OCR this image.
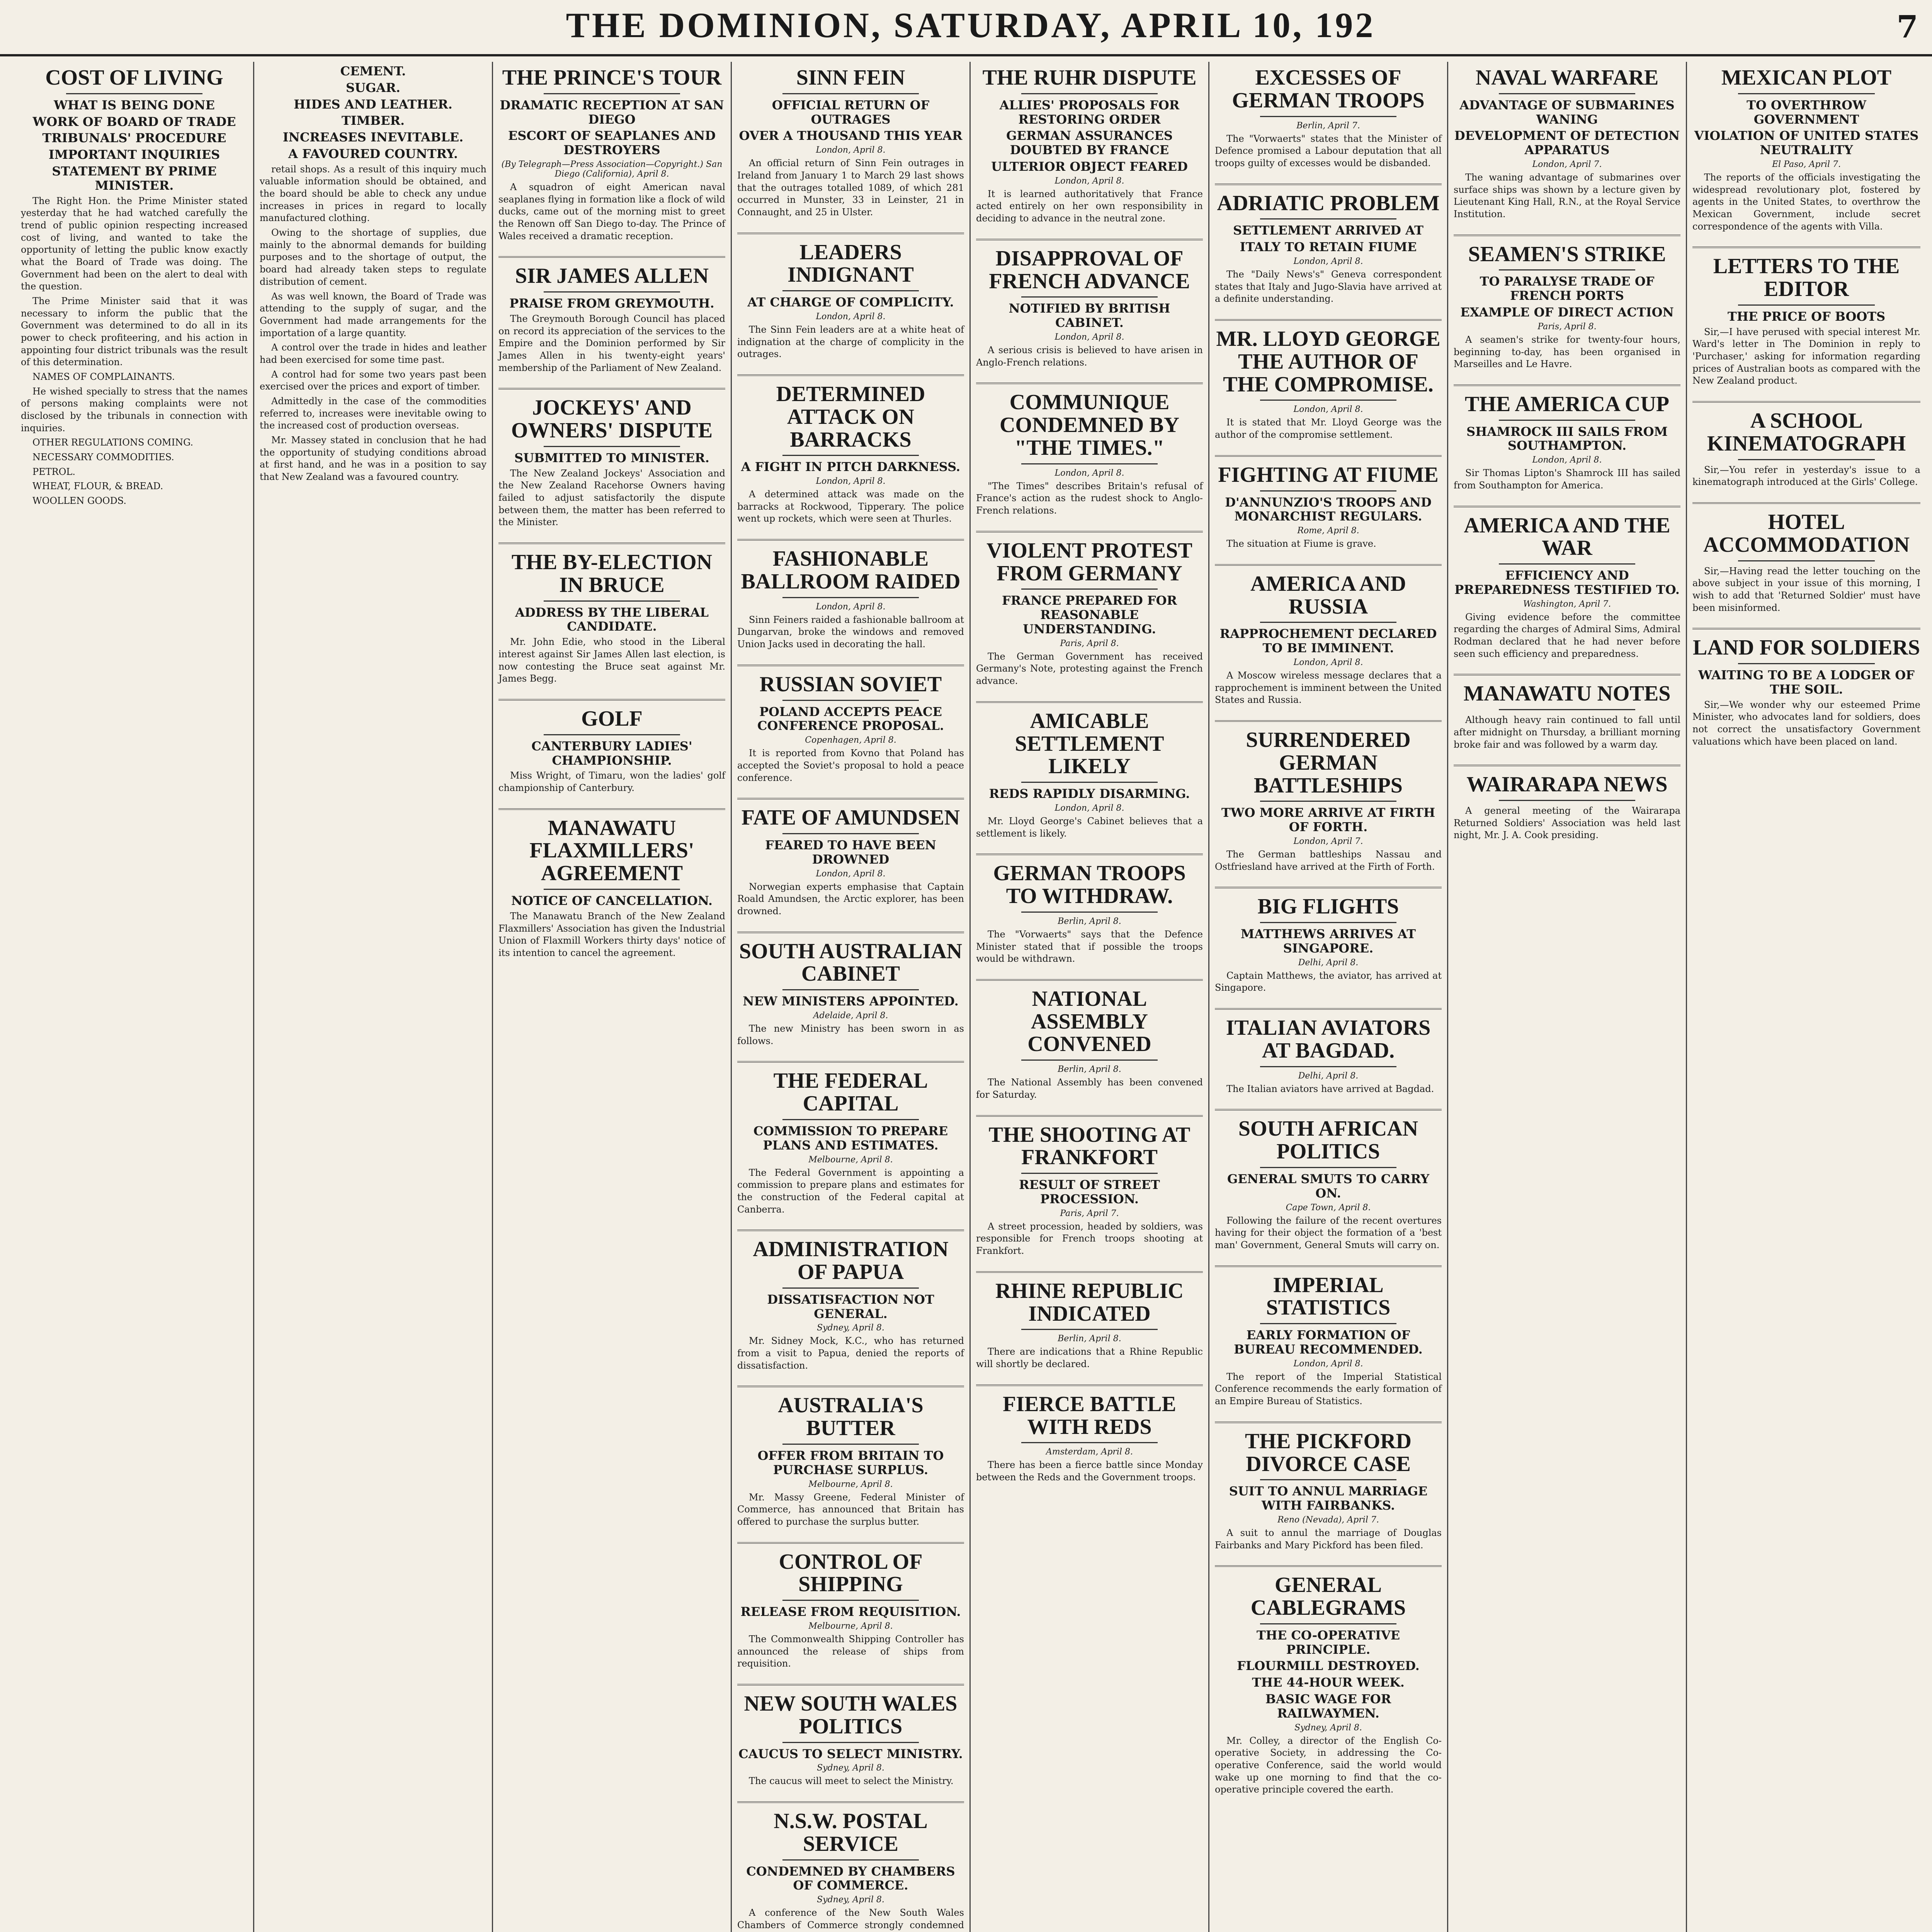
THE DOMINION, SATURDAY, APRIL 10, 192	7
COST OF LIVING
WHAT IS BEING DONE
WORK OF BOARD OF TRADE
TRIBUNALS' PROCEDURE
IMPORTANT INQUIRIES
STATEMENT BY PRIME MINISTER.

The Right Hon. the Prime Minister stated yesterday that he had watched carefully the trend of public opinion respecting increased cost of living, and wanted to take the opportunity of letting the public know exactly what the Board of Trade was doing. The Government had been on the alert to deal with the question.

The Prime Minister said that it was necessary to inform the public that the Government was determined to do all in its power to check profiteering, and his action in appointing four district tribunals was the result of this determination.

NAMES OF COMPLAINANTS.

He wished specially to stress that the names of persons making complaints were not disclosed by the tribunals in connection with inquiries.

OTHER REGULATIONS COMING.

NECESSARY COMMODITIES.

PETROL.

WHEAT, FLOUR, & BREAD.

WOOLLEN GOODS.

CEMENT.
SUGAR.
HIDES AND LEATHER.
TIMBER.
INCREASES INEVITABLE.
A FAVOURED COUNTRY.

retail shops. As a result of this inquiry much valuable information should be obtained, and the board should be able to check any undue increases in prices in regard to locally manufactured clothing.

Owing to the shortage of supplies, due mainly to the abnormal demands for building purposes and to the shortage of output, the board had already taken steps to regulate distribution of cement.

As was well known, the Board of Trade was attending to the supply of sugar, and the Government had made arrangements for the importation of a large quantity.

A control over the trade in hides and leather had been exercised for some time past.

A control had for some two years past been exercised over the prices and export of timber.

Admittedly in the case of the commodities referred to, increases were inevitable owing to the increased cost of production overseas.

Mr. Massey stated in conclusion that he had the opportunity of studying conditions abroad at first hand, and he was in a position to say that New Zealand was a favoured country.

THE PRINCE'S TOUR
DRAMATIC RECEPTION AT SAN DIEGO
ESCORT OF SEAPLANES AND DESTROYERS
(By Telegraph—Press Association—Copyright.) San Diego (California), April 8.

A squadron of eight American naval seaplanes flying in formation like a flock of wild ducks, came out of the morning mist to greet the Renown off San Diego to-day. The Prince of Wales received a dramatic reception.

SIR JAMES ALLEN
PRAISE FROM GREYMOUTH.

The Greymouth Borough Council has placed on record its appreciation of the services to the Empire and the Dominion performed by Sir James Allen in his twenty-eight years' membership of the Parliament of New Zealand.

JOCKEYS' AND OWNERS' DISPUTE
SUBMITTED TO MINISTER.

The New Zealand Jockeys' Association and the New Zealand Racehorse Owners having failed to adjust satisfactorily the dispute between them, the matter has been referred to the Minister.

THE BY-ELECTION IN BRUCE
ADDRESS BY THE LIBERAL CANDIDATE.

Mr. John Edie, who stood in the Liberal interest against Sir James Allen last election, is now contesting the Bruce seat against Mr. James Begg.

GOLF
CANTERBURY LADIES' CHAMPIONSHIP.

Miss Wright, of Timaru, won the ladies' golf championship of Canterbury.

MANAWATU FLAXMILLERS' AGREEMENT
NOTICE OF CANCELLATION.

The Manawatu Branch of the New Zealand Flaxmillers' Association has given the Industrial Union of Flaxmill Workers thirty days' notice of its intention to cancel the agreement.

SINN FEIN
OFFICIAL RETURN OF OUTRAGES
OVER A THOUSAND THIS YEAR
London, April 8.

An official return of Sinn Fein outrages in Ireland from January 1 to March 29 last shows that the outrages totalled 1089, of which 281 occurred in Munster, 33 in Leinster, 21 in Connaught, and 25 in Ulster.

LEADERS INDIGNANT
AT CHARGE OF COMPLICITY.
London, April 8.

The Sinn Fein leaders are at a white heat of indignation at the charge of complicity in the outrages.

DETERMINED ATTACK ON BARRACKS
A FIGHT IN PITCH DARKNESS.
London, April 8.

A determined attack was made on the barracks at Rockwood, Tipperary. The police went up rockets, which were seen at Thurles.

FASHIONABLE BALLROOM RAIDED
London, April 8.

Sinn Feiners raided a fashionable ballroom at Dungarvan, broke the windows and removed Union Jacks used in decorating the hall.

RUSSIAN SOVIET
POLAND ACCEPTS PEACE CONFERENCE PROPOSAL.
Copenhagen, April 8.

It is reported from Kovno that Poland has accepted the Soviet's proposal to hold a peace conference.

FATE OF AMUNDSEN
FEARED TO HAVE BEEN DROWNED
London, April 8.

Norwegian experts emphasise that Captain Roald Amundsen, the Arctic explorer, has been drowned.

SOUTH AUSTRALIAN CABINET
NEW MINISTERS APPOINTED.
Adelaide, April 8.

The new Ministry has been sworn in as follows.

THE FEDERAL CAPITAL
COMMISSION TO PREPARE PLANS AND ESTIMATES.
Melbourne, April 8.

The Federal Government is appointing a commission to prepare plans and estimates for the construction of the Federal capital at Canberra.

ADMINISTRATION OF PAPUA
DISSATISFACTION NOT GENERAL.
Sydney, April 8.

Mr. Sidney Mock, K.C., who has returned from a visit to Papua, denied the reports of dissatisfaction.

AUSTRALIA'S BUTTER
OFFER FROM BRITAIN TO PURCHASE SURPLUS.
Melbourne, April 8.

Mr. Massy Greene, Federal Minister of Commerce, has announced that Britain has offered to purchase the surplus butter.

CONTROL OF SHIPPING
RELEASE FROM REQUISITION.
Melbourne, April 8.

The Commonwealth Shipping Controller has announced the release of ships from requisition.

NEW SOUTH WALES POLITICS
CAUCUS TO SELECT MINISTRY.
Sydney, April 8.

The caucus will meet to select the Ministry.

N.S.W. POSTAL SERVICE
CONDEMNED BY CHAMBERS OF COMMERCE.
Sydney, April 8.

A conference of the New South Wales Chambers of Commerce strongly condemned

THE RUHR DISPUTE
ALLIES' PROPOSALS FOR RESTORING ORDER
GERMAN ASSURANCES DOUBTED BY FRANCE
ULTERIOR OBJECT FEARED
London, April 8.

It is learned authoritatively that France acted entirely on her own responsibility in deciding to advance in the neutral zone.

DISAPPROVAL OF FRENCH ADVANCE
NOTIFIED BY BRITISH CABINET.
London, April 8.

A serious crisis is believed to have arisen in Anglo-French relations.

COMMUNIQUE CONDEMNED BY "THE TIMES."
London, April 8.

"The Times" describes Britain's refusal of France's action as the rudest shock to Anglo-French relations.

VIOLENT PROTEST FROM GERMANY
FRANCE PREPARED FOR REASONABLE UNDERSTANDING.
Paris, April 8.

The German Government has received Germany's Note, protesting against the French advance.

AMICABLE SETTLEMENT LIKELY
REDS RAPIDLY DISARMING.
London, April 8.

Mr. Lloyd George's Cabinet believes that a settlement is likely.

GERMAN TROOPS TO WITHDRAW.
Berlin, April 8.

The "Vorwaerts" says that the Defence Minister stated that if possible the troops would be withdrawn.

NATIONAL ASSEMBLY CONVENED
Berlin, April 8.

The National Assembly has been convened for Saturday.

THE SHOOTING AT FRANKFORT
RESULT OF STREET PROCESSION.
Paris, April 7.

A street procession, headed by soldiers, was responsible for French troops shooting at Frankfort.

RHINE REPUBLIC INDICATED
Berlin, April 8.

There are indications that a Rhine Republic will shortly be declared.

FIERCE BATTLE WITH REDS
Amsterdam, April 8.

There has been a fierce battle since Monday between the Reds and the Government troops.

EXCESSES OF GERMAN TROOPS
Berlin, April 7.

The "Vorwaerts" states that the Minister of Defence promised a Labour deputation that all troops guilty of excesses would be disbanded.

ADRIATIC PROBLEM
SETTLEMENT ARRIVED AT
ITALY TO RETAIN FIUME
London, April 8.

The "Daily News's" Geneva correspondent states that Italy and Jugo-Slavia have arrived at a definite understanding.

MR. LLOYD GEORGE THE AUTHOR OF THE COMPROMISE.
London, April 8.

It is stated that Mr. Lloyd George was the author of the compromise settlement.

FIGHTING AT FIUME
D'ANNUNZIO'S TROOPS AND MONARCHIST REGULARS.
Rome, April 8.

The situation at Fiume is grave.

AMERICA AND RUSSIA
RAPPROCHEMENT DECLARED TO BE IMMINENT.
London, April 8.

A Moscow wireless message declares that a rapprochement is imminent between the United States and Russia.

SURRENDERED GERMAN BATTLESHIPS
TWO MORE ARRIVE AT FIRTH OF FORTH.
London, April 7.

The German battleships Nassau and Ostfriesland have arrived at the Firth of Forth.

BIG FLIGHTS
MATTHEWS ARRIVES AT SINGAPORE.
Delhi, April 8.

Captain Matthews, the aviator, has arrived at Singapore.

ITALIAN AVIATORS AT BAGDAD.
Delhi, April 8.

The Italian aviators have arrived at Bagdad.

SOUTH AFRICAN POLITICS
GENERAL SMUTS TO CARRY ON.
Cape Town, April 8.

Following the failure of the recent overtures having for their object the formation of a 'best man' Government, General Smuts will carry on.

IMPERIAL STATISTICS
EARLY FORMATION OF BUREAU RECOMMENDED.
London, April 8.

The report of the Imperial Statistical Conference recommends the early formation of an Empire Bureau of Statistics.

THE PICKFORD DIVORCE CASE
SUIT TO ANNUL MARRIAGE WITH FAIRBANKS.
Reno (Nevada), April 7.

A suit to annul the marriage of Douglas Fairbanks and Mary Pickford has been filed.

GENERAL CABLEGRAMS
THE CO-OPERATIVE PRINCIPLE.
FLOURMILL DESTROYED.
THE 44-HOUR WEEK.
BASIC WAGE FOR RAILWAYMEN.
Sydney, April 8.

Mr. Colley, a director of the English Co-operative Society, in addressing the Co-operative Conference, said the world would wake up one morning to find that the co-operative principle covered the earth.

NAVAL WARFARE
ADVANTAGE OF SUBMARINES WANING
DEVELOPMENT OF DETECTION APPARATUS
London, April 7.

The waning advantage of submarines over surface ships was shown by a lecture given by Lieutenant King Hall, R.N., at the Royal Service Institution.

SEAMEN'S STRIKE
TO PARALYSE TRADE OF FRENCH PORTS
EXAMPLE OF DIRECT ACTION
Paris, April 8.

A seamen's strike for twenty-four hours, beginning to-day, has been organised in Marseilles and Le Havre.

THE AMERICA CUP
SHAMROCK III SAILS FROM SOUTHAMPTON.
London, April 8.

Sir Thomas Lipton's Shamrock III has sailed from Southampton for America.

AMERICA AND THE WAR
EFFICIENCY AND PREPAREDNESS TESTIFIED TO.
Washington, April 7.

Giving evidence before the committee regarding the charges of Admiral Sims, Admiral Rodman declared that he had never before seen such efficiency and preparedness.

MANAWATU NOTES

Although heavy rain continued to fall until after midnight on Thursday, a brilliant morning broke fair and was followed by a warm day.

WAIRARAPA NEWS

A general meeting of the Wairarapa Returned Soldiers' Association was held last night, Mr. J. A. Cook presiding.

MEXICAN PLOT
TO OVERTHROW GOVERNMENT
VIOLATION OF UNITED STATES NEUTRALITY
El Paso, April 7.

The reports of the officials investigating the widespread revolutionary plot, fostered by agents in the United States, to overthrow the Mexican Government, include secret correspondence of the agents with Villa.

LETTERS TO THE EDITOR
THE PRICE OF BOOTS

Sir,—I have perused with special interest Mr. Ward's letter in The Dominion in reply to 'Purchaser,' asking for information regarding prices of Australian boots as compared with the New Zealand product.

A SCHOOL KINEMATOGRAPH

Sir,—You refer in yesterday's issue to a kinematograph introduced at the Girls' College.

HOTEL ACCOMMODATION

Sir,—Having read the letter touching on the above subject in your issue of this morning, I wish to add that 'Returned Soldier' must have been misinformed.

LAND FOR SOLDIERS
WAITING TO BE A LODGER OF THE SOIL.

Sir,—We wonder why our esteemed Prime Minister, who advocates land for soldiers, does not correct the unsatisfactory Government valuations which have been placed on land.
